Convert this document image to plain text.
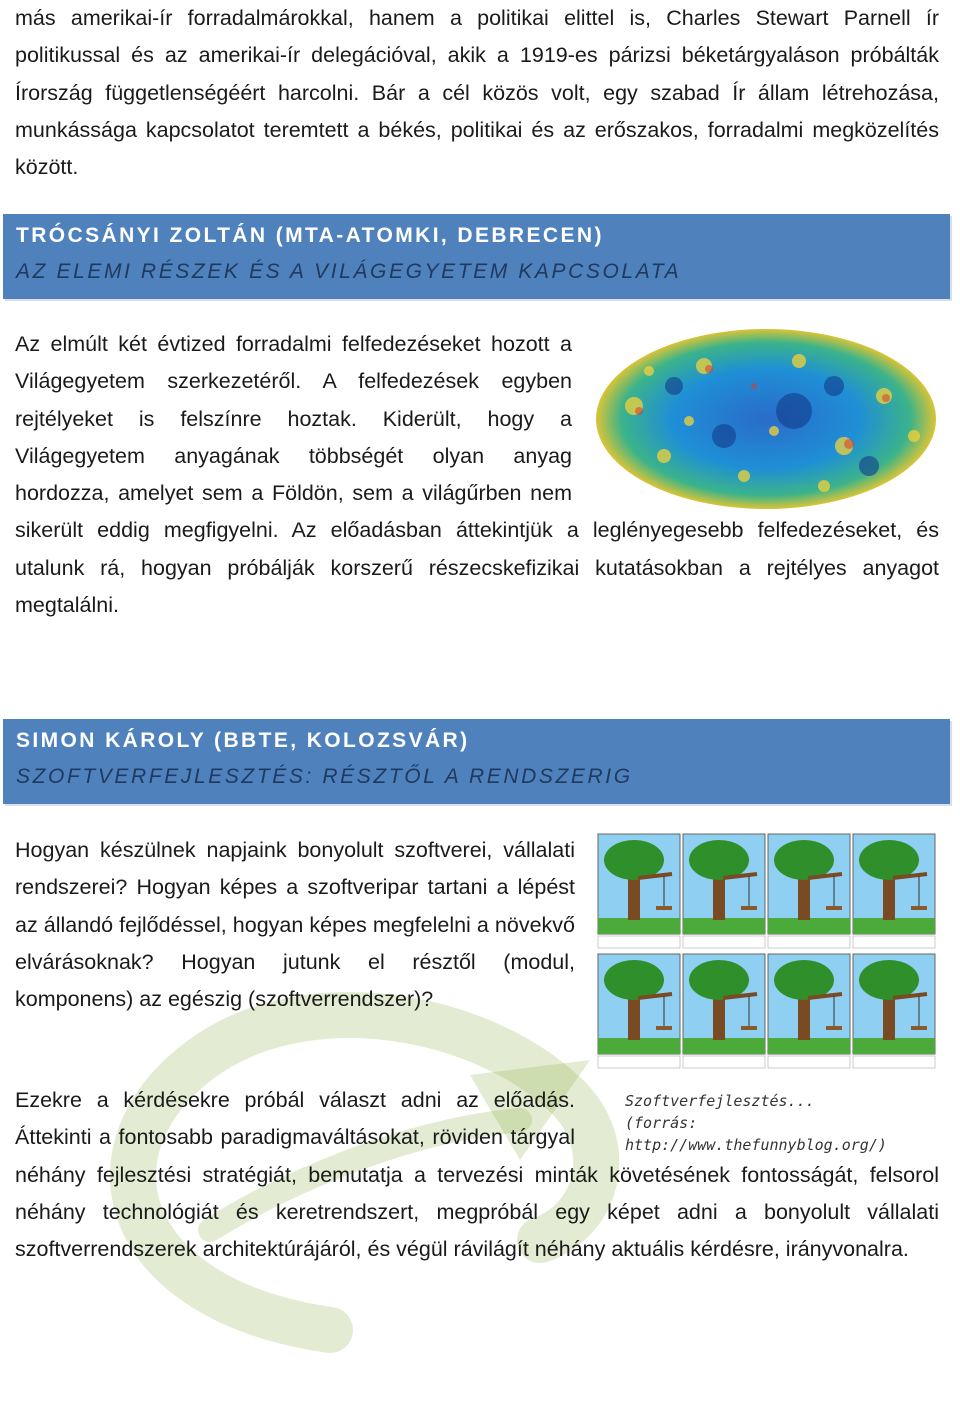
más amerikai-ír forradalmárokkal, hanem a politikai elittel is, Charles Stewart Parnell ír politikussal és az amerikai-ír delegációval, akik a 1919-es párizsi béketárgyaláson próbálták Írország függetlenségéért harcolni. Bár a cél közös volt, egy szabad Ír állam létrehozása, munkássága kapcsolatot teremtett a békés, politikai és az erőszakos, forradalmi megközelítés között.

TRÓCSÁNYI ZOLTÁN (MTA-ATOMKI, DEBRECEN)
AZ ELEMI RÉSZEK ÉS A VILÁGEGYETEM KAPCSOLATA

Az elmúlt két évtized forradalmi felfedezéseket hozott a Világegyetem szerkezetéről. A felfedezések egyben rejtélyeket is felszínre hoztak. Kiderült, hogy a Világegyetem anyagának többségét olyan anyag hordozza, amelyet sem a Földön, sem a világűrben nem sikerült eddig megfigyelni. Az előadásban áttekintjük a leglényegesebb felfedezéseket, és utalunk rá, hogyan próbálják korszerű részecskefizikai kutatásokban a rejtélyes anyagot megtalálni.

SIMON KÁROLY (BBTE, KOLOZSVÁR)
SZOFTVERFEJLESZTÉS: RÉSZTŐL A RENDSZERIG

Hogyan készülnek napjaink bonyolult szoftverei, vállalati rendszerei? Hogyan képes a szoftveripar tartani a lépést az állandó fejlődéssel, hogyan képes megfelelni a növekvő elvárásoknak? Hogyan jutunk el résztől (modul, komponens) az egészig (szoftverrendszer)?

Ezekre a kérdésekre próbál választ adni az előadás. Áttekinti a fontosabb paradigmaváltásokat, röviden tárgyal néhány fejlesztési stratégiát, bemutatja a tervezési minták követésének fontosságát, felsorol néhány technológiát és keretrendszert, megpróbál egy képet adni a bonyolult vállalati szoftverrendszerek architektúrájáról, és végül rávilágít néhány aktuális kérdésre, irányvonalra.

Szoftverfejlesztés...
(forrás: http://www.thefunnyblog.org/)
